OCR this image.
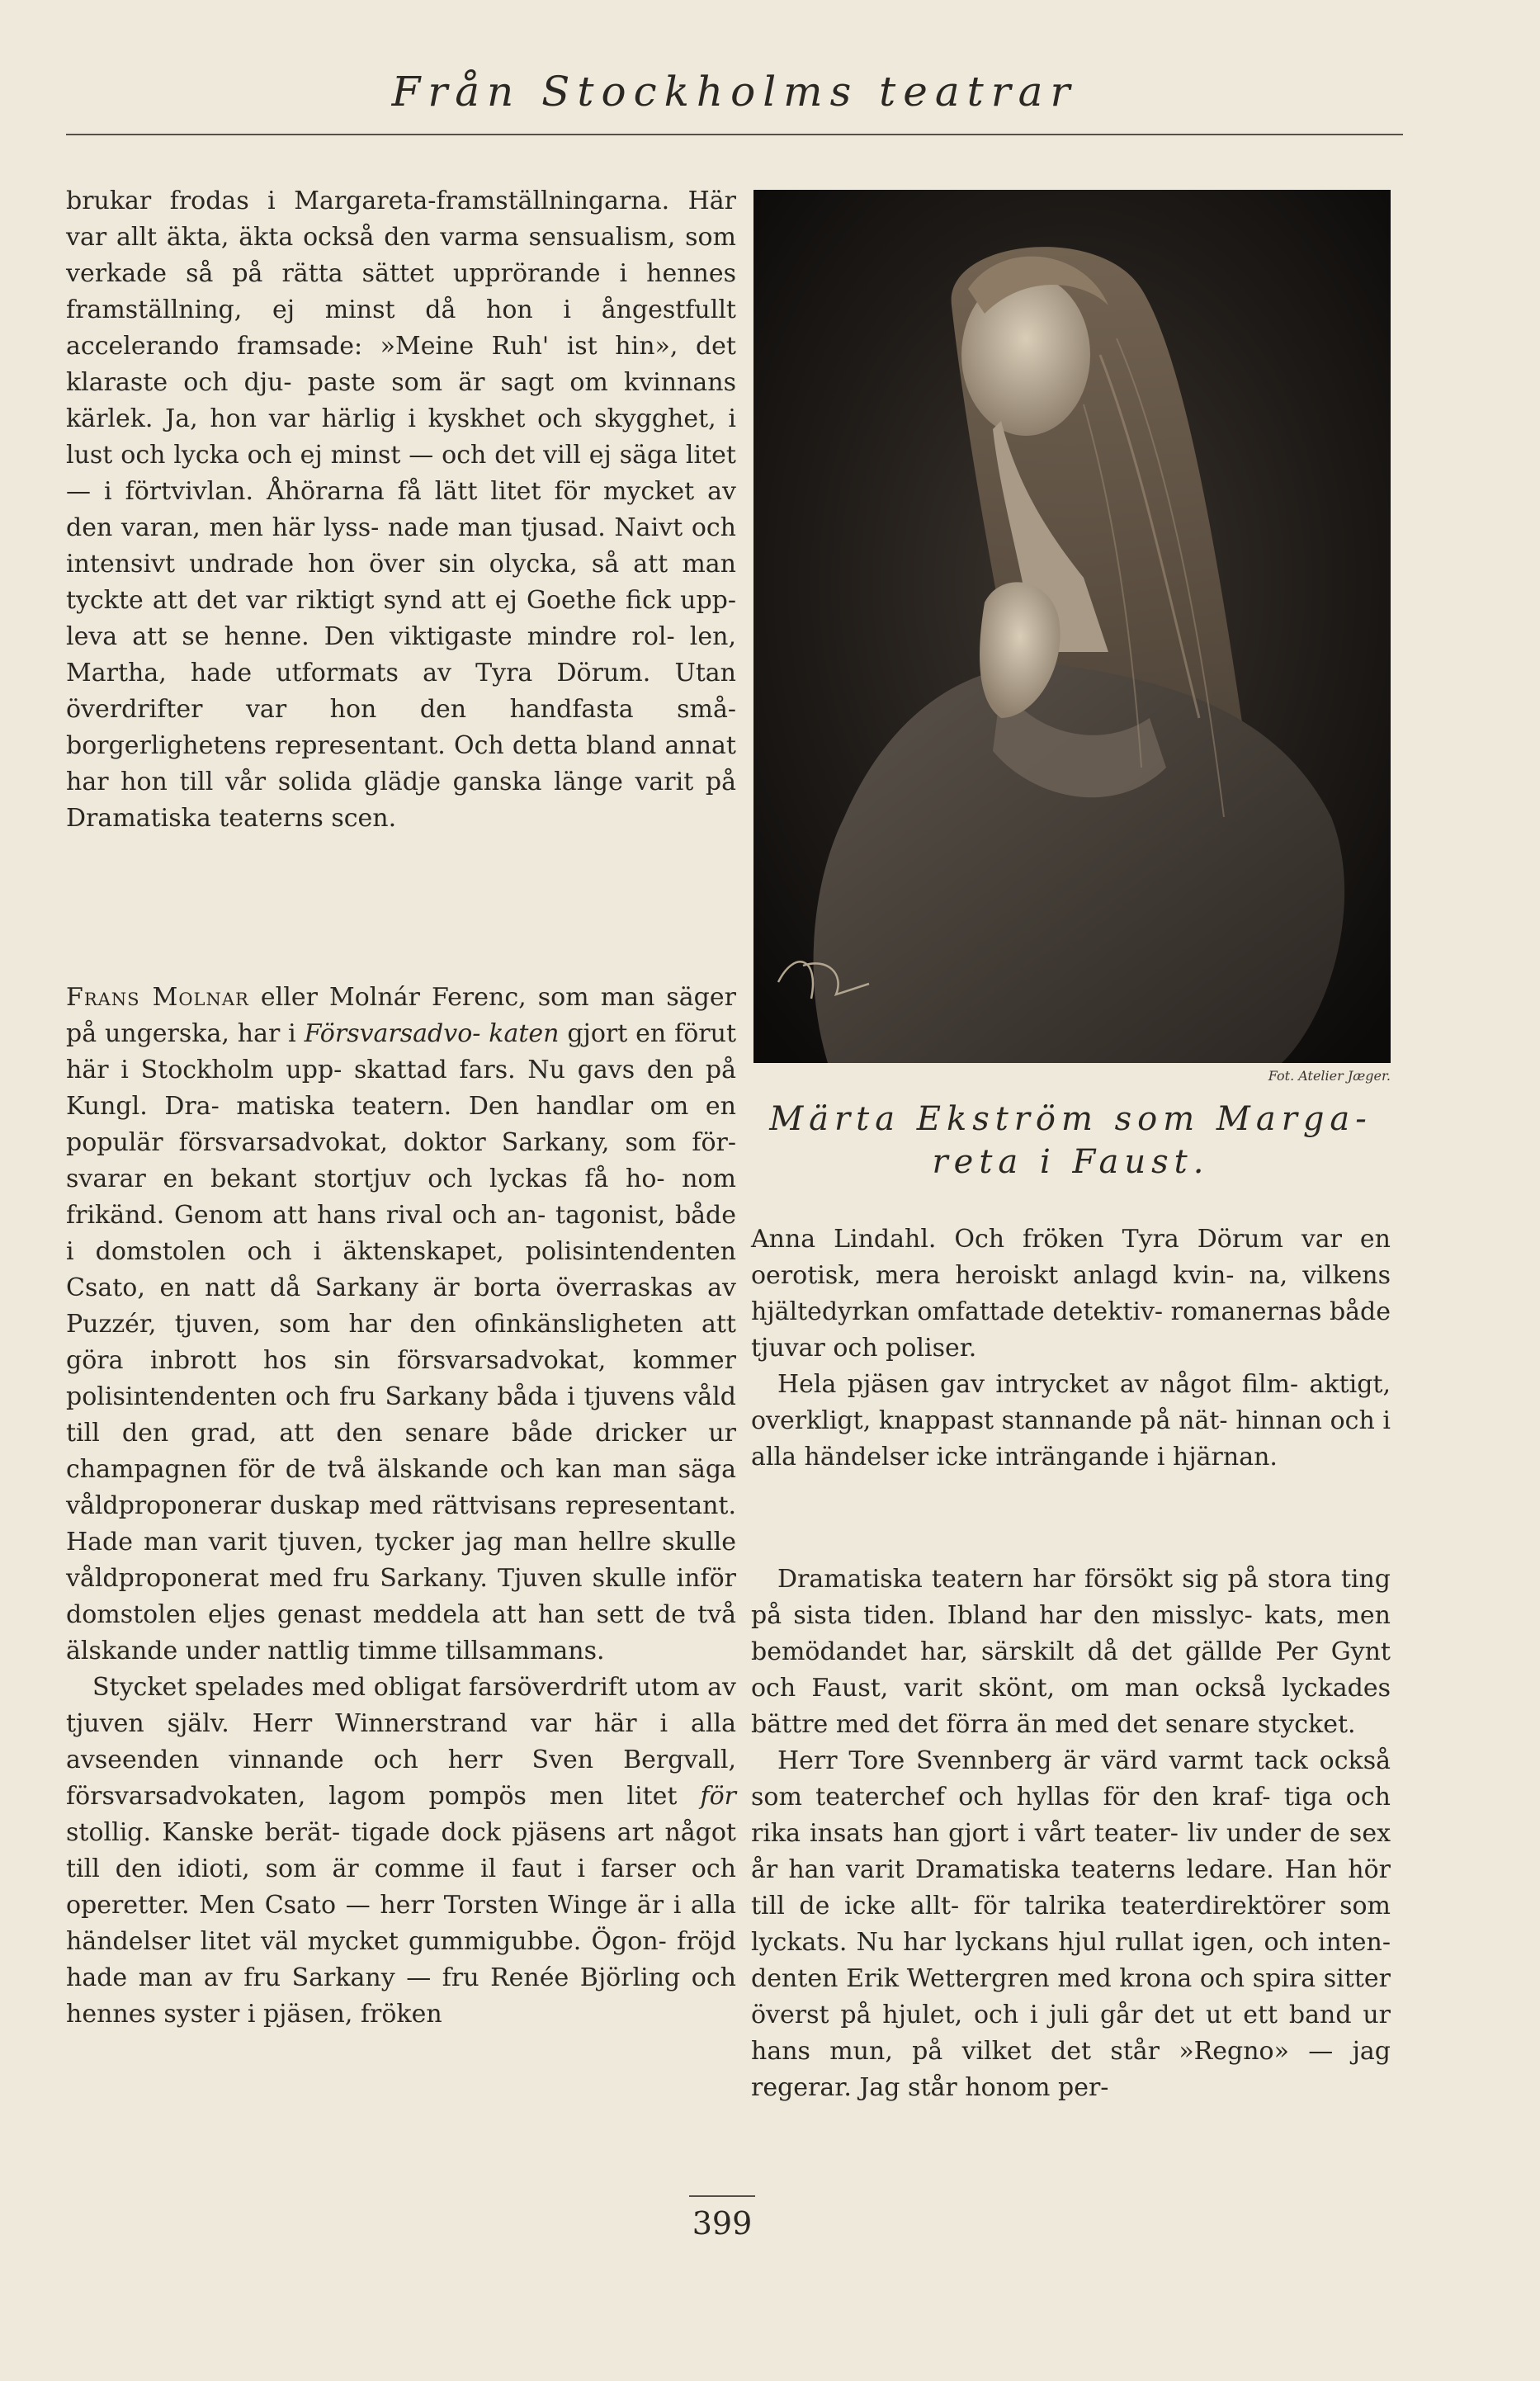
Från Stockholms teatrar

brukar frodas i Margareta-framställningarna. Här var allt äkta, äkta också den varma sensualism, som verkade så på rätta sättet upprörande i hennes framställning, ej minst då hon i ångestfullt accelerando framsade: »Meine Ruh' ist hin», det klaraste och dju- paste som är sagt om kvinnans kärlek. Ja, hon var härlig i kyskhet och skygghet, i lust och lycka och ej minst — och det vill ej säga litet — i förtvivlan. Åhörarna få lätt litet för mycket av den varan, men här lyss- nade man tjusad. Naivt och intensivt undrade hon över sin olycka, så att man tyckte att det var riktigt synd att ej Goethe fick upp- leva att se henne. Den viktigaste mindre rol- len, Martha, hade utformats av Tyra Dörum. Utan överdrifter var hon den handfasta små- borgerlighetens representant. Och detta bland annat har hon till vår solida glädje ganska länge varit på Dramatiska teaterns scen.

Frans Molnar eller Molnár Ferenc, som man säger på ungerska, har i Försvarsadvo- katen gjort en förut här i Stockholm upp- skattad fars. Nu gavs den på Kungl. Dra- matiska teatern. Den handlar om en populär försvarsadvokat, doktor Sarkany, som för- svarar en bekant stortjuv och lyckas få ho- nom frikänd. Genom att hans rival och an- tagonist, både i domstolen och i äktenskapet, polisintendenten Csato, en natt då Sarkany är borta överraskas av Puzzér, tjuven, som har den ofinkänsligheten att göra inbrott hos sin försvarsadvokat, kommer polisintendenten och fru Sarkany båda i tjuvens våld till den grad, att den senare både dricker ur champagnen för de två älskande och kan man säga våldproponerar duskap med rättvisans representant. Hade man varit tjuven, tycker jag man hellre skulle våldproponerat med fru Sarkany. Tjuven skulle inför domstolen eljes genast meddela att han sett de två älskande under nattlig timme tillsammans.

Stycket spelades med obligat farsöverdrift utom av tjuven själv. Herr Winnerstrand var här i alla avseenden vinnande och herr Sven Bergvall, försvarsadvokaten, lagom pompös men litet för stollig. Kanske berät- tigade dock pjäsens art något till den idioti, som är comme il faut i farser och operetter. Men Csato — herr Torsten Winge är i alla händelser litet väl mycket gummigubbe. Ögon- fröjd hade man av fru Sarkany — fru Renée Björling och hennes syster i pjäsen, fröken

Fot. Atelier Jæger.
Märta Ekström som Marga-
reta i Faust.

Anna Lindahl. Och fröken Tyra Dörum var en oerotisk, mera heroiskt anlagd kvin- na, vilkens hjältedyrkan omfattade detektiv- romanernas både tjuvar och poliser.

Hela pjäsen gav intrycket av något film- aktigt, overkligt, knappast stannande på nät- hinnan och i alla händelser icke inträngande i hjärnan.

Dramatiska teatern har försökt sig på stora ting på sista tiden. Ibland har den misslyc- kats, men bemödandet har, särskilt då det gällde Per Gynt och Faust, varit skönt, om man också lyckades bättre med det förra än med det senare stycket.

Herr Tore Svennberg är värd varmt tack också som teaterchef och hyllas för den kraf- tiga och rika insats han gjort i vårt teater- liv under de sex år han varit Dramatiska teaterns ledare. Han hör till de icke allt- för talrika teaterdirektörer som lyckats. Nu har lyckans hjul rullat igen, och inten- denten Erik Wettergren med krona och spira sitter överst på hjulet, och i juli går det ut ett band ur hans mun, på vilket det står »Regno» — jag regerar. Jag står honom per-

399
